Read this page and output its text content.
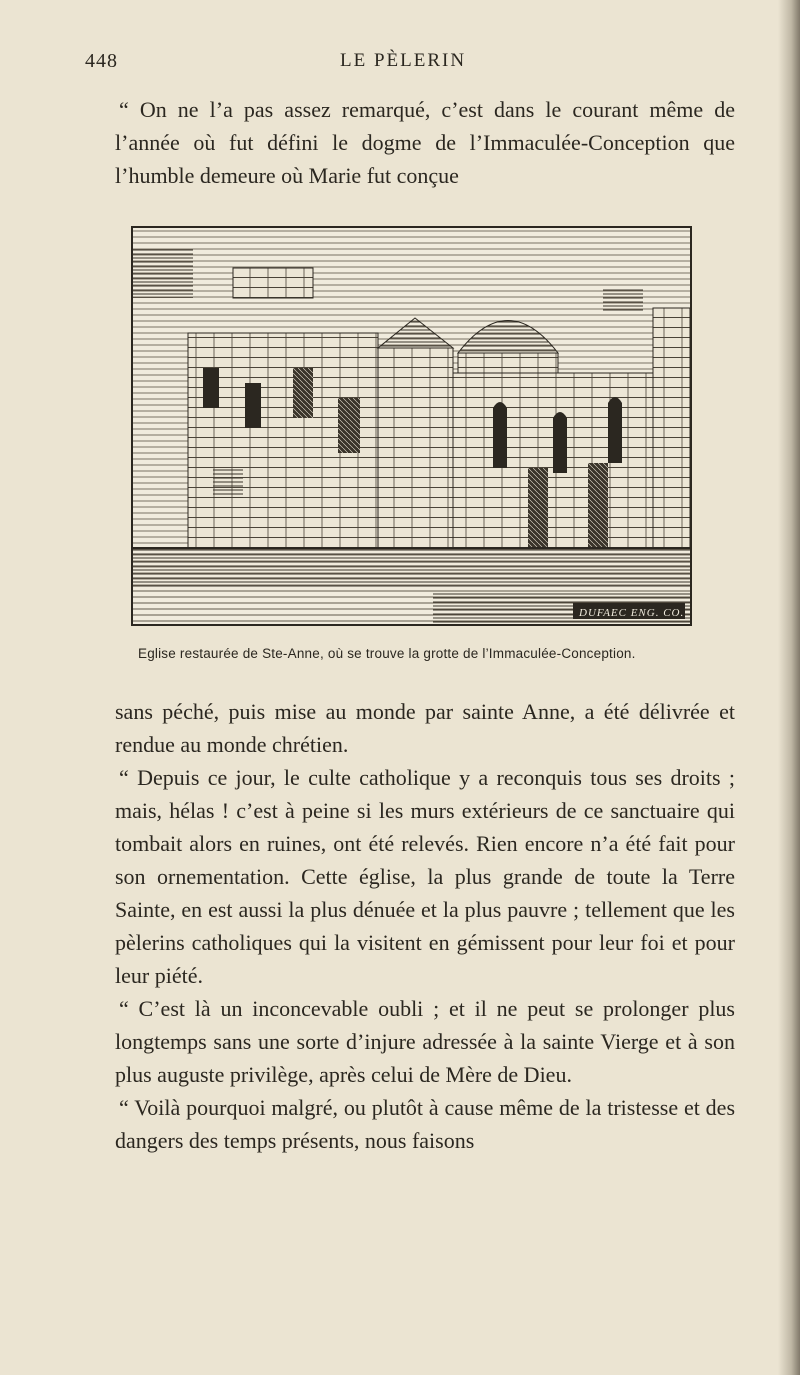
448	LE PÈLERIN

“ On ne l’a pas assez remarqué, c’est dans le courant même de l’année où fut défini le dogme de l’Immaculée-Conception que l’humble demeure où Marie fut conçue

DUFAEC ENG. CO.
Eglise restaurée de Ste-Anne, où se trouve la grotte de l’Immaculée-Conception.

sans péché, puis mise au monde par sainte Anne, a été délivrée et rendue au monde chrétien.

“ Depuis ce jour, le culte catholique y a reconquis tous ses droits ; mais, hélas ! c’est à peine si les murs extérieurs de ce sanctuaire qui tombait alors en ruines, ont été relevés. Rien encore n’a été fait pour son ornementation. Cette église, la plus grande de toute la Terre Sainte, en est aussi la plus dénuée et la plus pauvre ; tellement que les pèlerins catholiques qui la visitent en gémissent pour leur foi et pour leur piété.

“ C’est là un inconcevable oubli ; et il ne peut se prolonger plus longtemps sans une sorte d’injure adressée à la sainte Vierge et à son plus auguste privilège, après celui de Mère de Dieu.

“ Voilà pourquoi malgré, ou plutôt à cause même de la tristesse et des dangers des temps présents, nous faisons
